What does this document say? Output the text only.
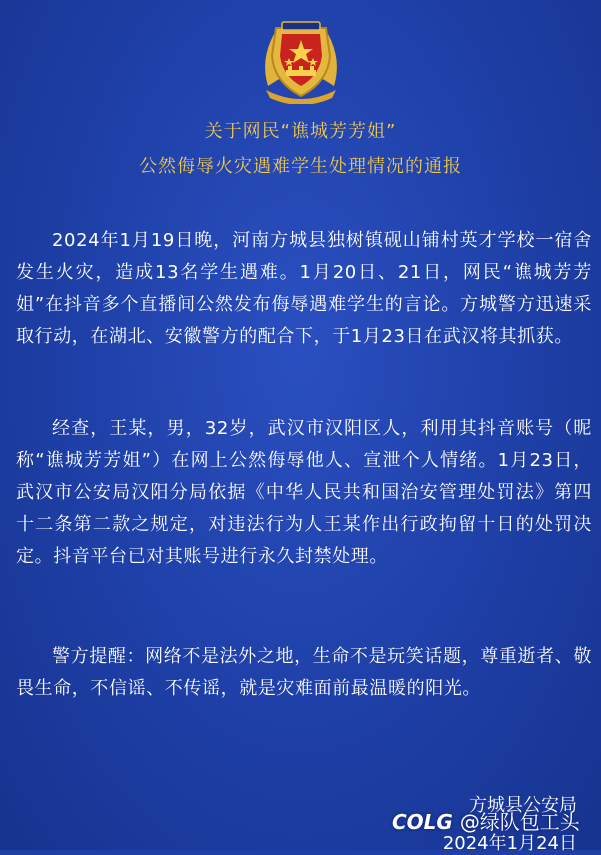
关于网民“谯城芳芳姐”
公然侮辱火灾遇难学生处理情况的通报

2024年1月19日晚，河南方城县独树镇砚山铺村英才学校一宿舍发生火灾，造成13名学生遇难。1月20日、21日，网民“谯城芳芳姐”在抖音多个直播间公然发布侮辱遇难学生的言论。方城警方迅速采取行动，在湖北、安徽警方的配合下，于1月23日在武汉将其抓获。

经查，王某，男，32岁，武汉市汉阳区人，利用其抖音账号（昵称“谯城芳芳姐”）在网上公然侮辱他人、宣泄个人情绪。1月23日，武汉市公安局汉阳分局依据《中华人民共和国治安管理处罚法》第四十二条第二款之规定，对违法行为人王某作出行政拘留十日的处罚决定。抖音平台已对其账号进行永久封禁处理。

警方提醒：网络不是法外之地，生命不是玩笑话题，尊重逝者、敬畏生命，不信谣、不传谣，就是灾难面前最温暖的阳光。

方城县公安局
2024年1月24日
COLG @绿队包工头
